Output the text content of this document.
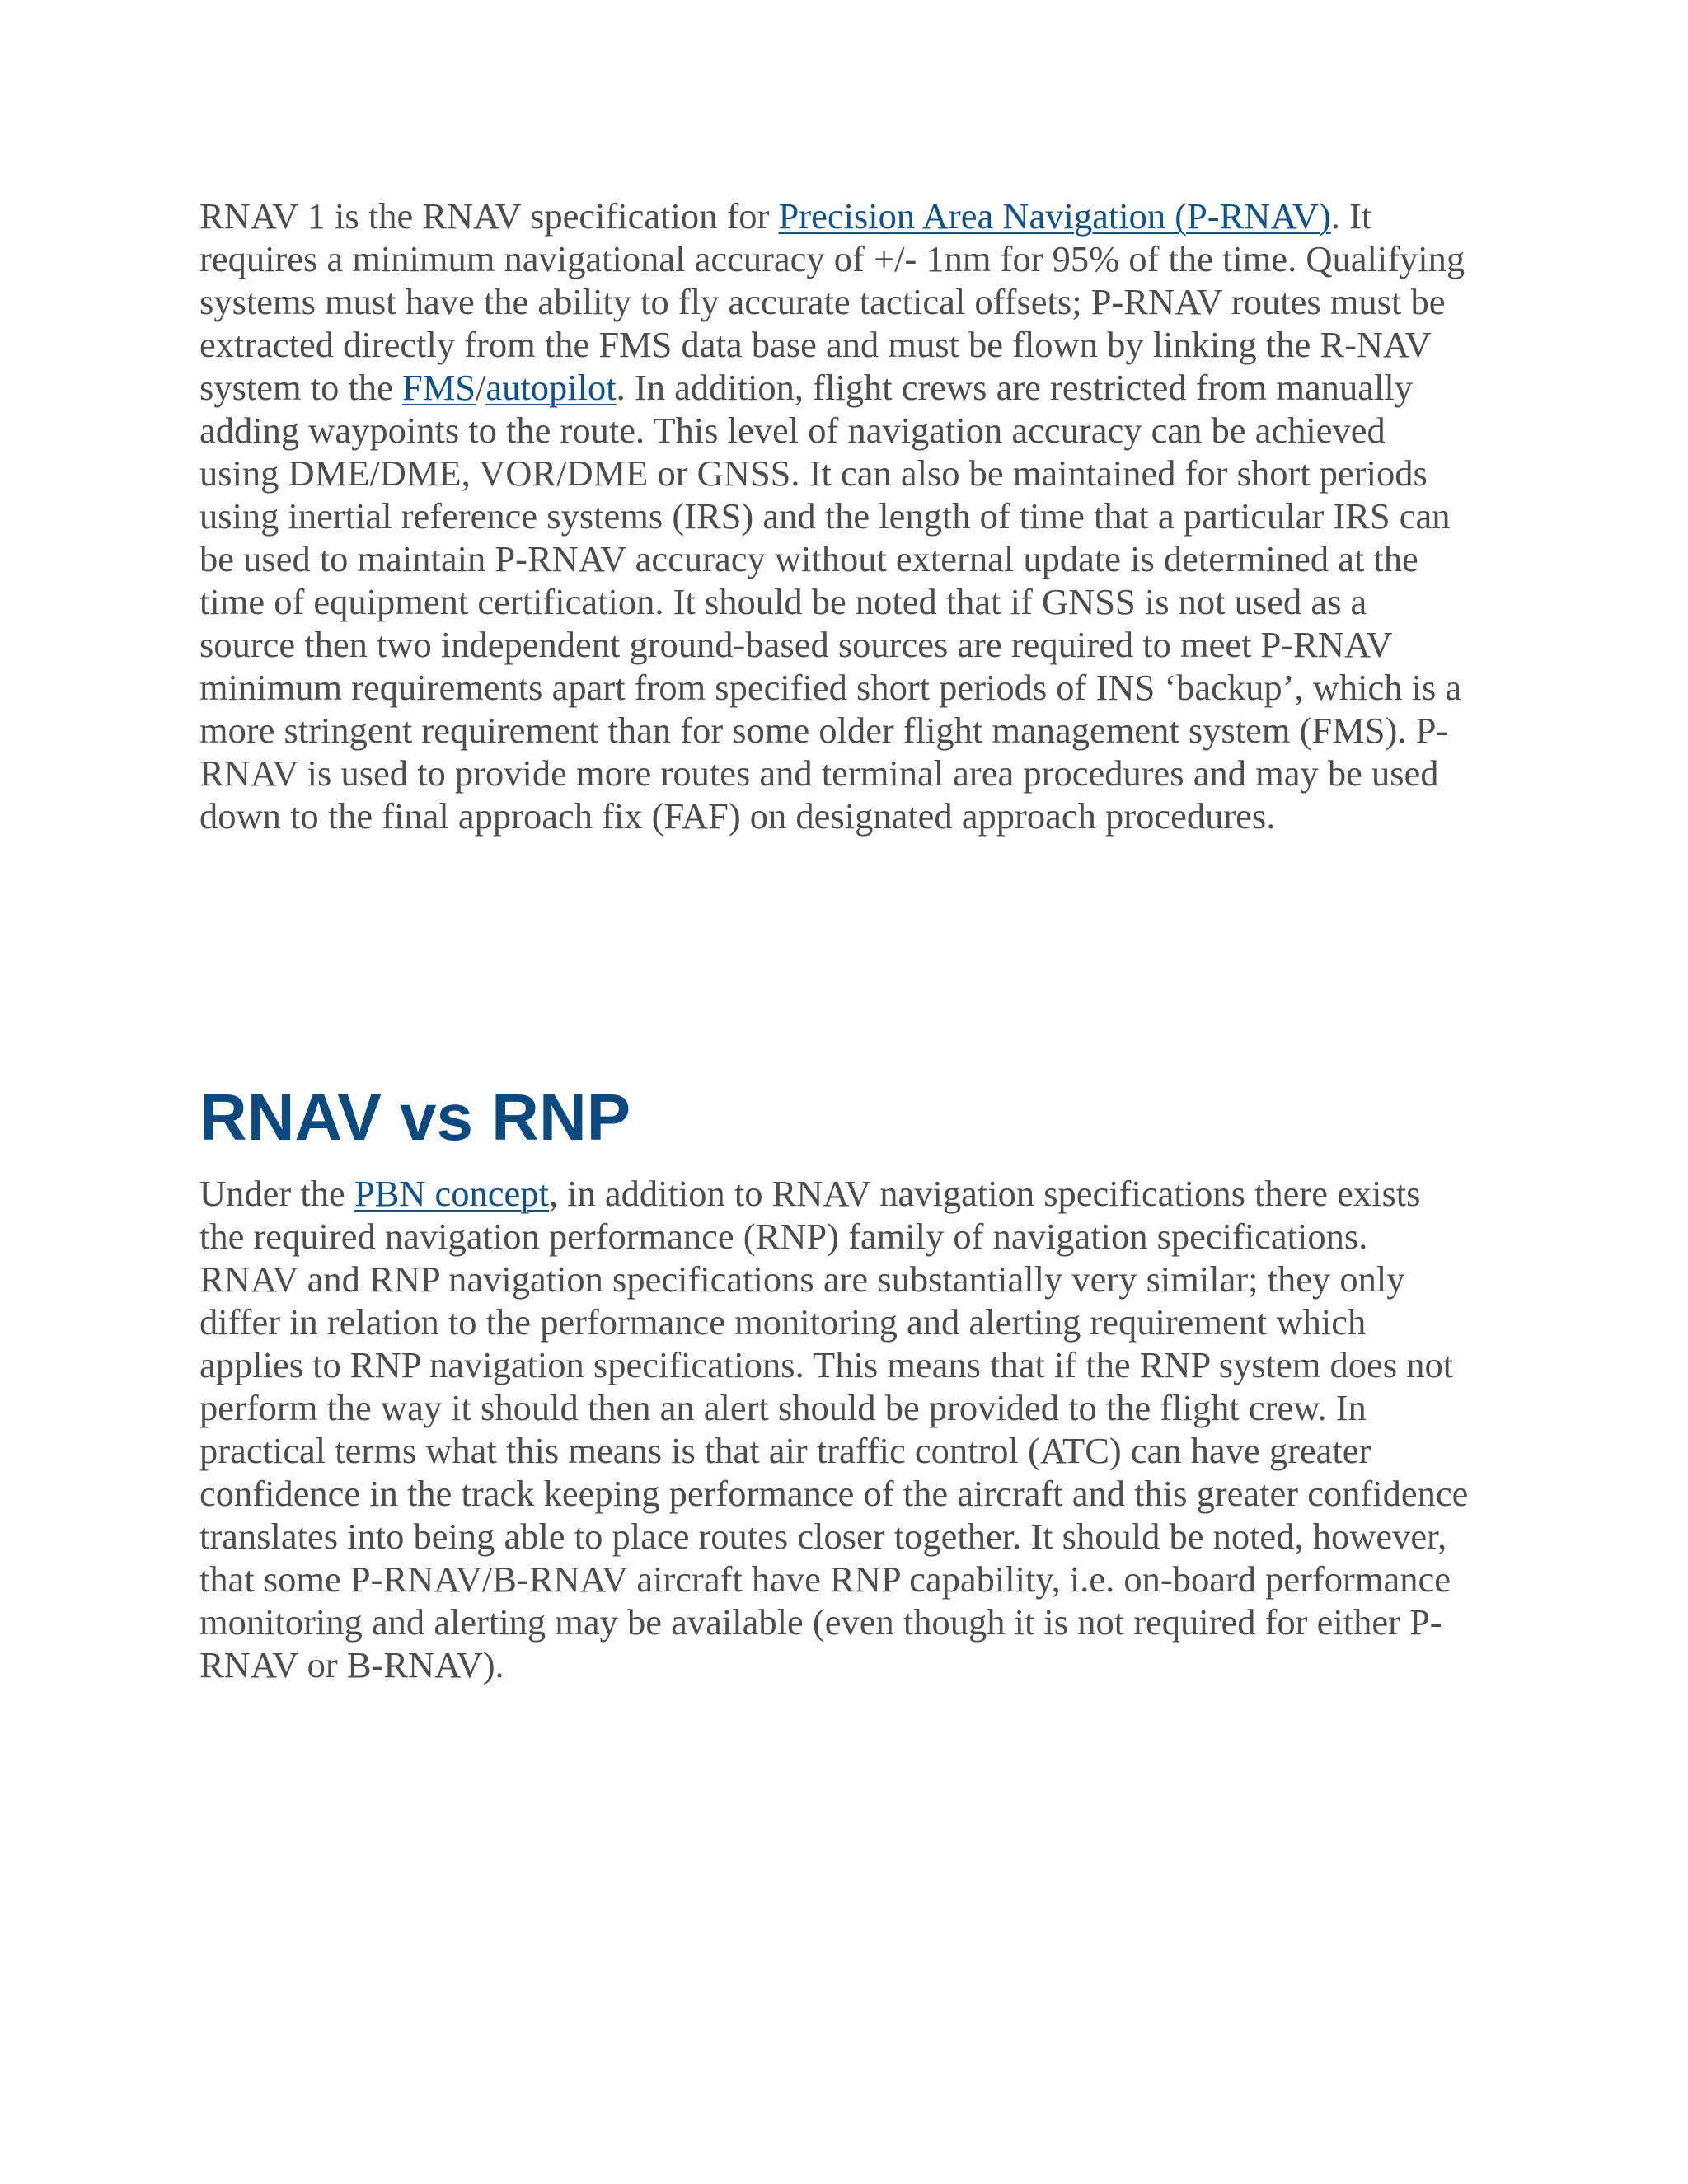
RNAV 1 is the RNAV specification for Precision Area Navigation (P-RNAV). It
requires a minimum navigational accuracy of +/- 1nm for 95% of the time. Qualifying
systems must have the ability to fly accurate tactical offsets; P-RNAV routes must be
extracted directly from the FMS data base and must be flown by linking the R-NAV
system to the FMS/autopilot. In addition, flight crews are restricted from manually
adding waypoints to the route. This level of navigation accuracy can be achieved
using DME/DME, VOR/DME or GNSS. It can also be maintained for short periods
using inertial reference systems (IRS) and the length of time that a particular IRS can
be used to maintain P-RNAV accuracy without external update is determined at the
time of equipment certification. It should be noted that if GNSS is not used as a
source then two independent ground-based sources are required to meet P-RNAV
minimum requirements apart from specified short periods of INS ‘backup’, which is a
more stringent requirement than for some older flight management system (FMS). P-
RNAV is used to provide more routes and terminal area procedures and may be used
down to the final approach fix (FAF) on designated approach procedures.
RNAV vs RNP
Under the PBN concept, in addition to RNAV navigation specifications there exists
the required navigation performance (RNP) family of navigation specifications.
RNAV and RNP navigation specifications are substantially very similar; they only
differ in relation to the performance monitoring and alerting requirement which
applies to RNP navigation specifications. This means that if the RNP system does not
perform the way it should then an alert should be provided to the flight crew. In
practical terms what this means is that air traffic control (ATC) can have greater
confidence in the track keeping performance of the aircraft and this greater confidence
translates into being able to place routes closer together. It should be noted, however,
that some P-RNAV/B-RNAV aircraft have RNP capability, i.e. on-board performance
monitoring and alerting may be available (even though it is not required for either P-
RNAV or B-RNAV).
